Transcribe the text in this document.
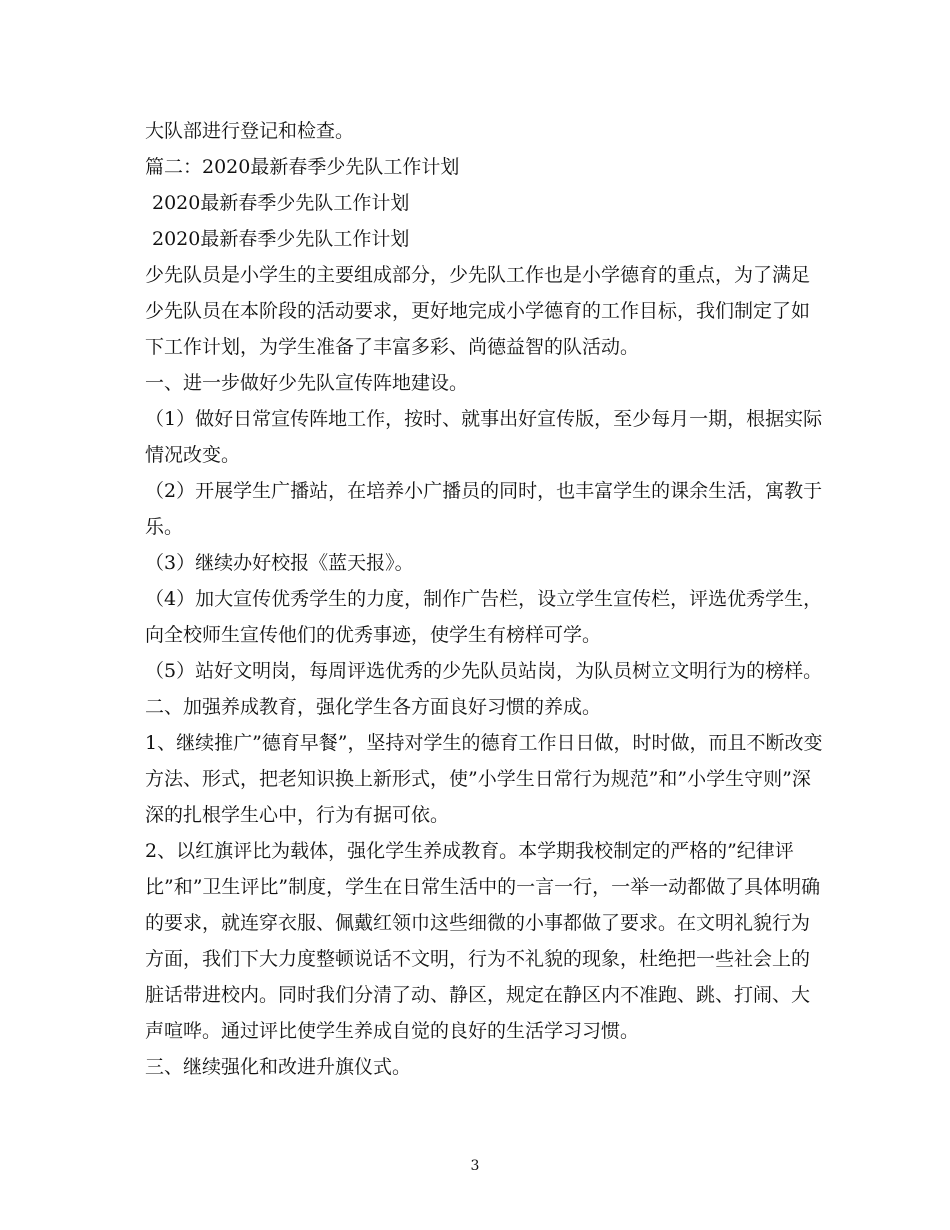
大队部进行登记和检查。
篇二：2020最新春季少先队工作计划
2020最新春季少先队工作计划
2020最新春季少先队工作计划
少先队员是小学生的主要组成部分，少先队工作也是小学德育的重点，为了满足
少先队员在本阶段的活动要求，更好地完成小学德育的工作目标，我们制定了如
下工作计划，为学生准备了丰富多彩、尚德益智的队活动。
一、进一步做好少先队宣传阵地建设。
（1）做好日常宣传阵地工作，按时、就事出好宣传版，至少每月一期，根据实际
情况改变。
（2）开展学生广播站，在培养小广播员的同时，也丰富学生的课余生活，寓教于
乐。
（3）继续办好校报《蓝天报》。
（4）加大宣传优秀学生的力度，制作广告栏，设立学生宣传栏，评选优秀学生，
向全校师生宣传他们的优秀事迹，使学生有榜样可学。
（5）站好文明岗，每周评选优秀的少先队员站岗，为队员树立文明行为的榜样。
二、加强养成教育，强化学生各方面良好习惯的养成。
1、继续推广”德育早餐”，坚持对学生的德育工作日日做，时时做，而且不断改变
方法、形式，把老知识换上新形式，使”小学生日常行为规范”和”小学生守则”深
深的扎根学生心中，行为有据可依。
2、以红旗评比为载体，强化学生养成教育。本学期我校制定的严格的”纪律评
比”和”卫生评比”制度，学生在日常生活中的一言一行，一举一动都做了具体明确
的要求，就连穿衣服、佩戴红领巾这些细微的小事都做了要求。在文明礼貌行为
方面，我们下大力度整顿说话不文明，行为不礼貌的现象，杜绝把一些社会上的
脏话带进校内。同时我们分清了动、静区，规定在静区内不准跑、跳、打闹、大
声喧哗。通过评比使学生养成自觉的良好的生活学习习惯。
三、继续强化和改进升旗仪式。
3
